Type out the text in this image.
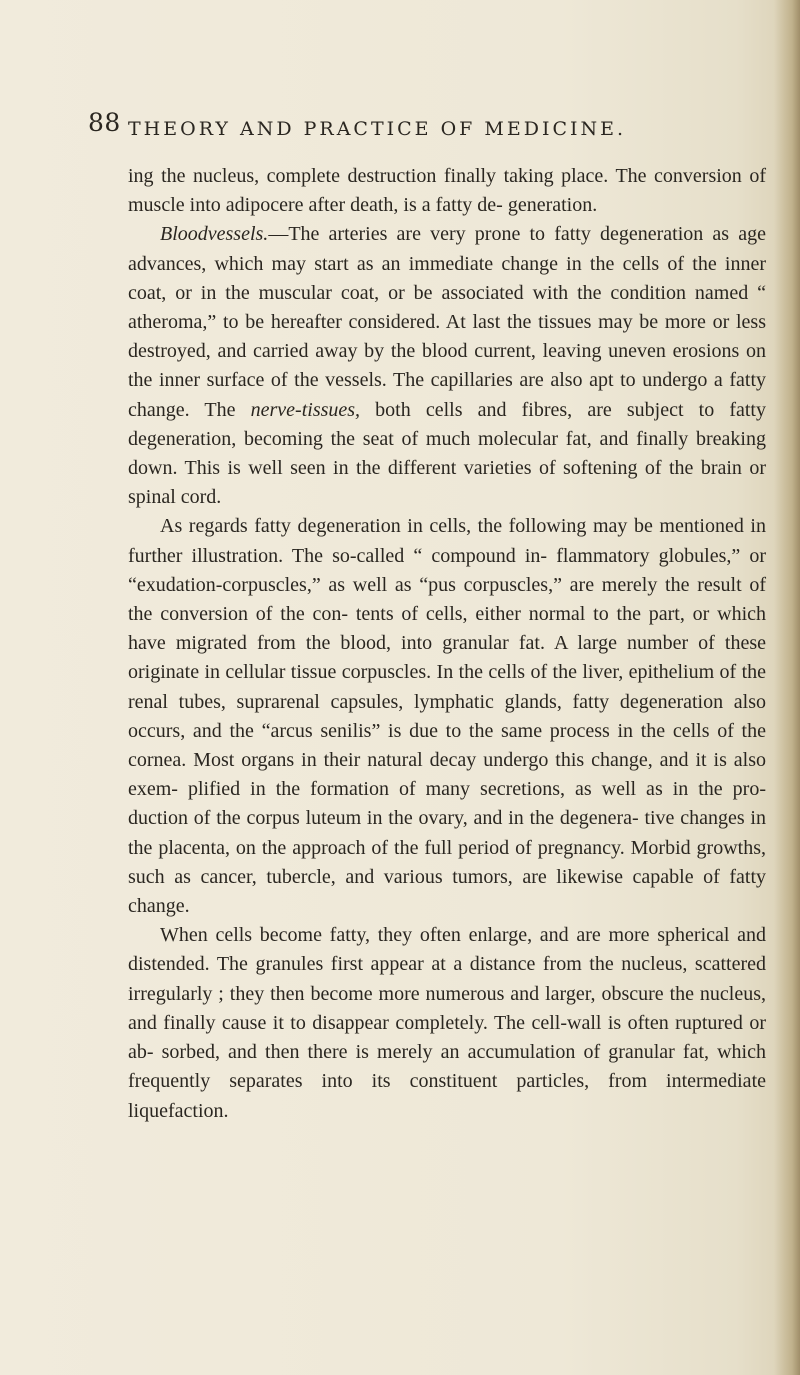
88 THEORY AND PRACTICE OF MEDICINE.

ing the nucleus, complete destruction finally taking place. The conversion of muscle into adipocere after death, is a fatty de- generation.

Bloodvessels.—The arteries are very prone to fatty degeneration as age advances, which may start as an immediate change in the cells of the inner coat, or in the muscular coat, or be associated with the condition named “ atheroma,” to be hereafter considered. At last the tissues may be more or less destroyed, and carried away by the blood current, leaving uneven erosions on the inner surface of the vessels. The capillaries are also apt to undergo a fatty change. The nerve-tissues, both cells and fibres, are subject to fatty degeneration, becoming the seat of much molecular fat, and finally breaking down. This is well seen in the different varieties of softening of the brain or spinal cord.

As regards fatty degeneration in cells, the following may be mentioned in further illustration. The so-called “ compound in- flammatory globules,” or “exudation-corpuscles,” as well as “pus corpuscles,” are merely the result of the conversion of the con- tents of cells, either normal to the part, or which have migrated from the blood, into granular fat. A large number of these originate in cellular tissue corpuscles. In the cells of the liver, epithelium of the renal tubes, suprarenal capsules, lymphatic glands, fatty degeneration also occurs, and the “arcus senilis” is due to the same process in the cells of the cornea. Most organs in their natural decay undergo this change, and it is also exem- plified in the formation of many secretions, as well as in the pro- duction of the corpus luteum in the ovary, and in the degenera- tive changes in the placenta, on the approach of the full period of pregnancy. Morbid growths, such as cancer, tubercle, and various tumors, are likewise capable of fatty change.

When cells become fatty, they often enlarge, and are more spherical and distended. The granules first appear at a distance from the nucleus, scattered irregularly ; they then become more numerous and larger, obscure the nucleus, and finally cause it to disappear completely. The cell-wall is often ruptured or ab- sorbed, and then there is merely an accumulation of granular fat, which frequently separates into its constituent particles, from intermediate liquefaction.
